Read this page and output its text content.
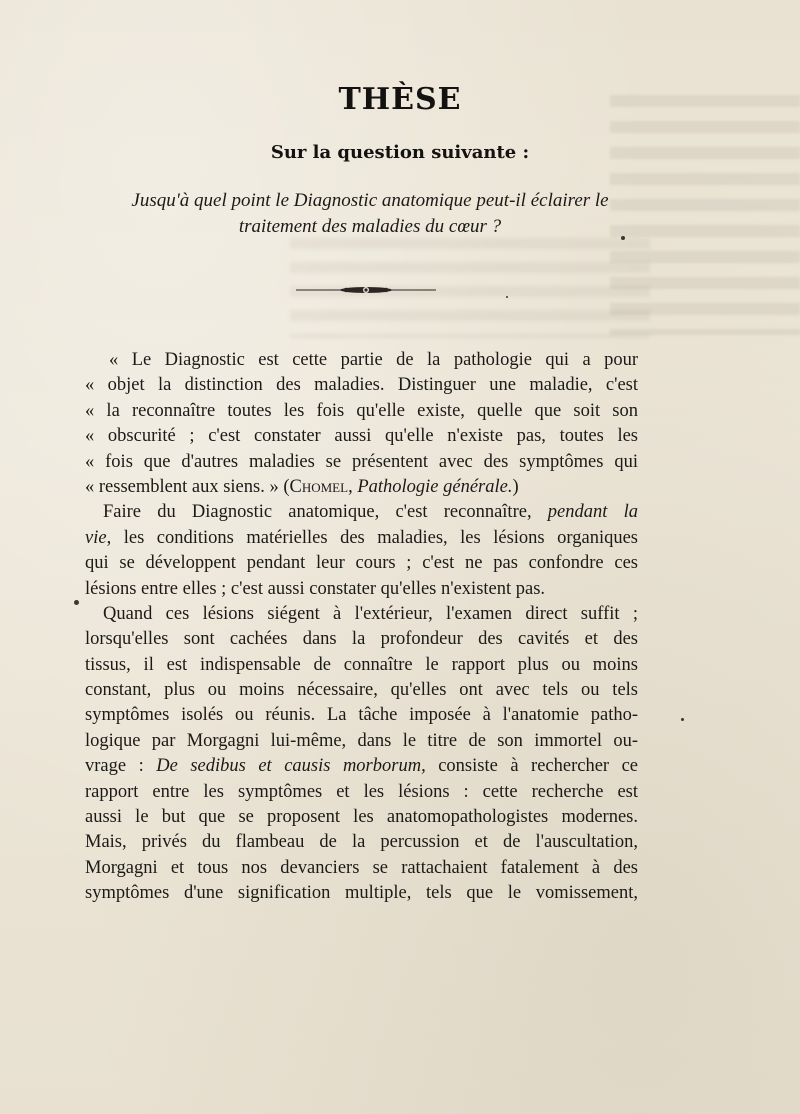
THÈSE
Sur la question suivante :
Jusqu'à quel point le Diagnostic anatomique peut-il éclairer le
traitement des maladies du cœur ?
« Le Diagnostic est cette partie de la pathologie qui a pour
« objet la distinction des maladies. Distinguer une maladie, c'est
« la reconnaître toutes les fois qu'elle existe, quelle que soit son
« obscurité ; c'est constater aussi qu'elle n'existe pas, toutes les
« fois que d'autres maladies se présentent avec des symptômes qui
« ressemblent aux siens. » (Chomel, Pathologie générale.)
Faire du Diagnostic anatomique, c'est reconnaître, pendant la
vie, les conditions matérielles des maladies, les lésions organiques
qui se développent pendant leur cours ; c'est ne pas confondre ces
lésions entre elles ; c'est aussi constater qu'elles n'existent pas.
Quand ces lésions siégent à l'extérieur, l'examen direct suffit ;
lorsqu'elles sont cachées dans la profondeur des cavités et des
tissus, il est indispensable de connaître le rapport plus ou moins
constant, plus ou moins nécessaire, qu'elles ont avec tels ou tels
symptômes isolés ou réunis. La tâche imposée à l'anatomie patho-
logique par Morgagni lui-même, dans le titre de son immortel ou-
vrage : De sedibus et causis morborum, consiste à rechercher ce
rapport entre les symptômes et les lésions : cette recherche est
aussi le but que se proposent les anatomopathologistes modernes.
Mais, privés du flambeau de la percussion et de l'auscultation,
Morgagni et tous nos devanciers se rattachaient fatalement à des
symptômes d'une signification multiple, tels que le vomissement,
